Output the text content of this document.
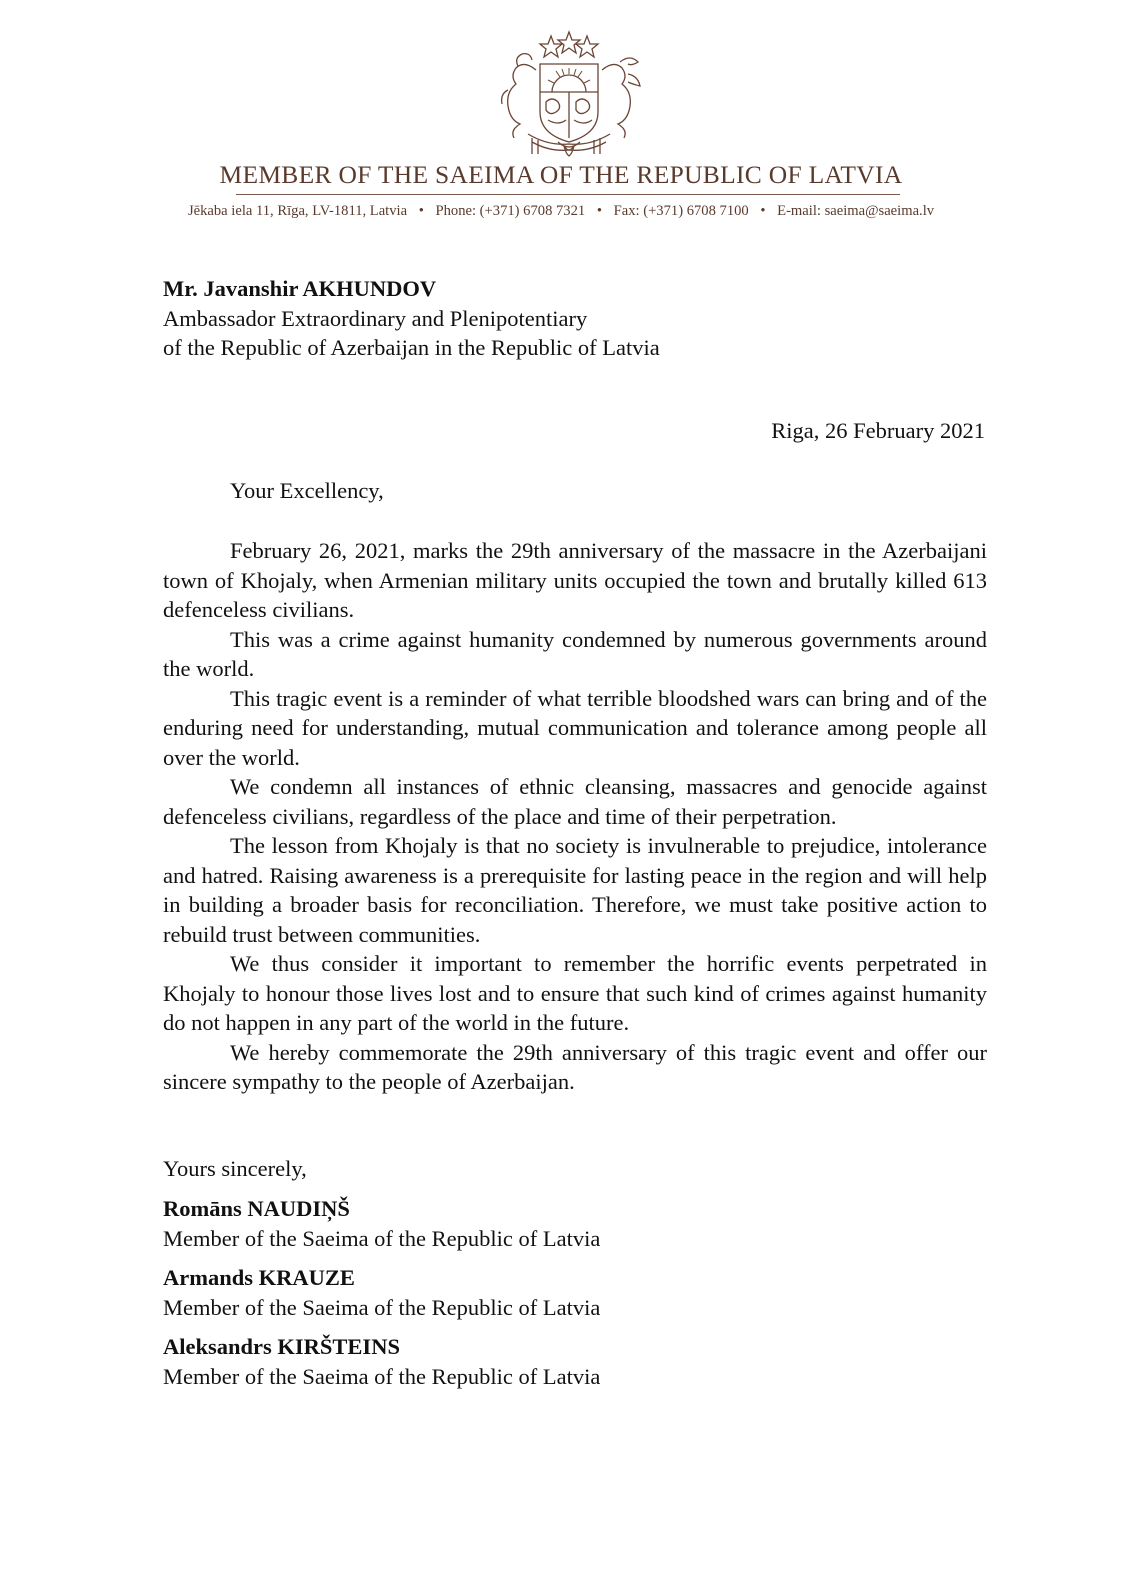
MEMBER OF THE SAEIMA OF THE REPUBLIC OF LATVIA
Jēkaba iela 11, Rīga, LV-1811, Latvia • Phone: (+371) 6708 7321 • Fax: (+371) 6708 7100 • E-mail: saeima@saeima.lv
Mr. Javanshir AKHUNDOV
Ambassador Extraordinary and Plenipotentiary
of the Republic of Azerbaijan in the Republic of Latvia
Riga, 26 February 2021
Your Excellency,

February 26, 2021, marks the 29th anniversary of the massacre in the Azerbaijani town of Khojaly, when Armenian military units occupied the town and brutally killed 613 defenceless civilians.

This was a crime against humanity condemned by numerous governments around the world.

This tragic event is a reminder of what terrible bloodshed wars can bring and of the enduring need for understanding, mutual communication and tolerance among people all over the world.

We condemn all instances of ethnic cleansing, massacres and genocide against defenceless civilians, regardless of the place and time of their perpetration.

The lesson from Khojaly is that no society is invulnerable to prejudice, intolerance and hatred. Raising awareness is a prerequisite for lasting peace in the region and will help in building a broader basis for reconciliation. Therefore, we must take positive action to rebuild trust between communities.

We thus consider it important to remember the horrific events perpetrated in Khojaly to honour those lives lost and to ensure that such kind of crimes against humanity do not happen in any part of the world in the future.

We hereby commemorate the 29th anniversary of this tragic event and offer our sincere sympathy to the people of Azerbaijan.

Yours sincerely,
Romāns NAUDIŅŠ
Member of the Saeima of the Republic of Latvia
Armands KRAUZE
Member of the Saeima of the Republic of Latvia
Aleksandrs KIRŠTEINS
Member of the Saeima of the Republic of Latvia
